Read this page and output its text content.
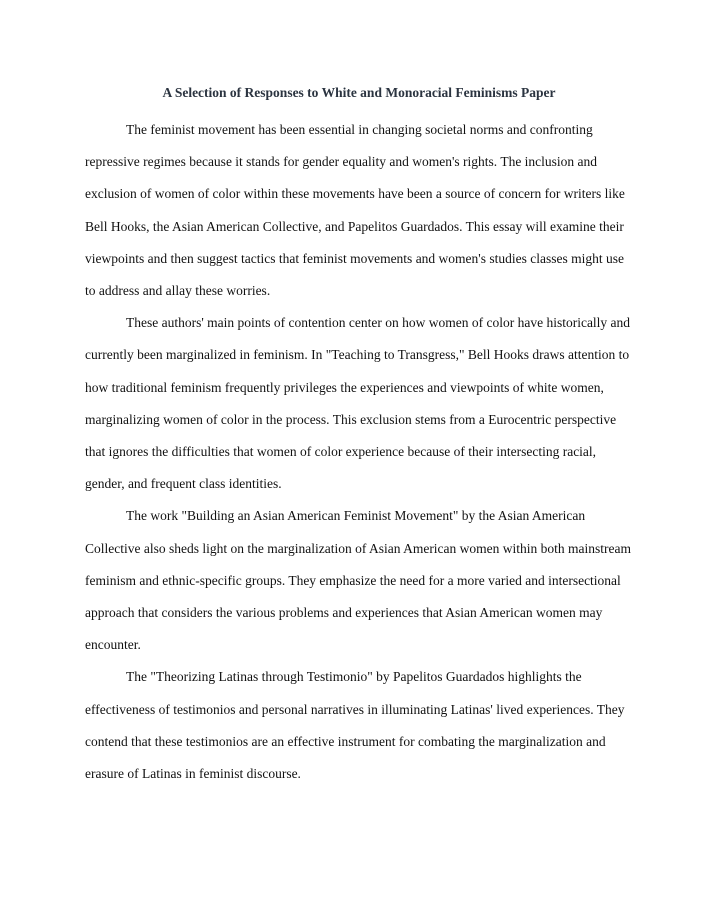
A Selection of Responses to White and Monoracial Feminisms Paper

The feminist movement has been essential in changing societal norms and confronting repressive regimes because it stands for gender equality and women's rights. The inclusion and exclusion of women of color within these movements have been a source of concern for writers like Bell Hooks, the Asian American Collective, and Papelitos Guardados. This essay will examine their viewpoints and then suggest tactics that feminist movements and women's studies classes might use to address and allay these worries.

These authors' main points of contention center on how women of color have historically and currently been marginalized in feminism. In "Teaching to Transgress," Bell Hooks draws attention to how traditional feminism frequently privileges the experiences and viewpoints of white women, marginalizing women of color in the process. This exclusion stems from a Eurocentric perspective that ignores the difficulties that women of color experience because of their intersecting racial, gender, and frequent class identities.

The work "Building an Asian American Feminist Movement" by the Asian American Collective also sheds light on the marginalization of Asian American women within both mainstream feminism and ethnic-specific groups. They emphasize the need for a more varied and intersectional approach that considers the various problems and experiences that Asian American women may encounter.

The "Theorizing Latinas through Testimonio" by Papelitos Guardados highlights the effectiveness of testimonios and personal narratives in illuminating Latinas' lived experiences. They contend that these testimonios are an effective instrument for combating the marginalization and erasure of Latinas in feminist discourse.
